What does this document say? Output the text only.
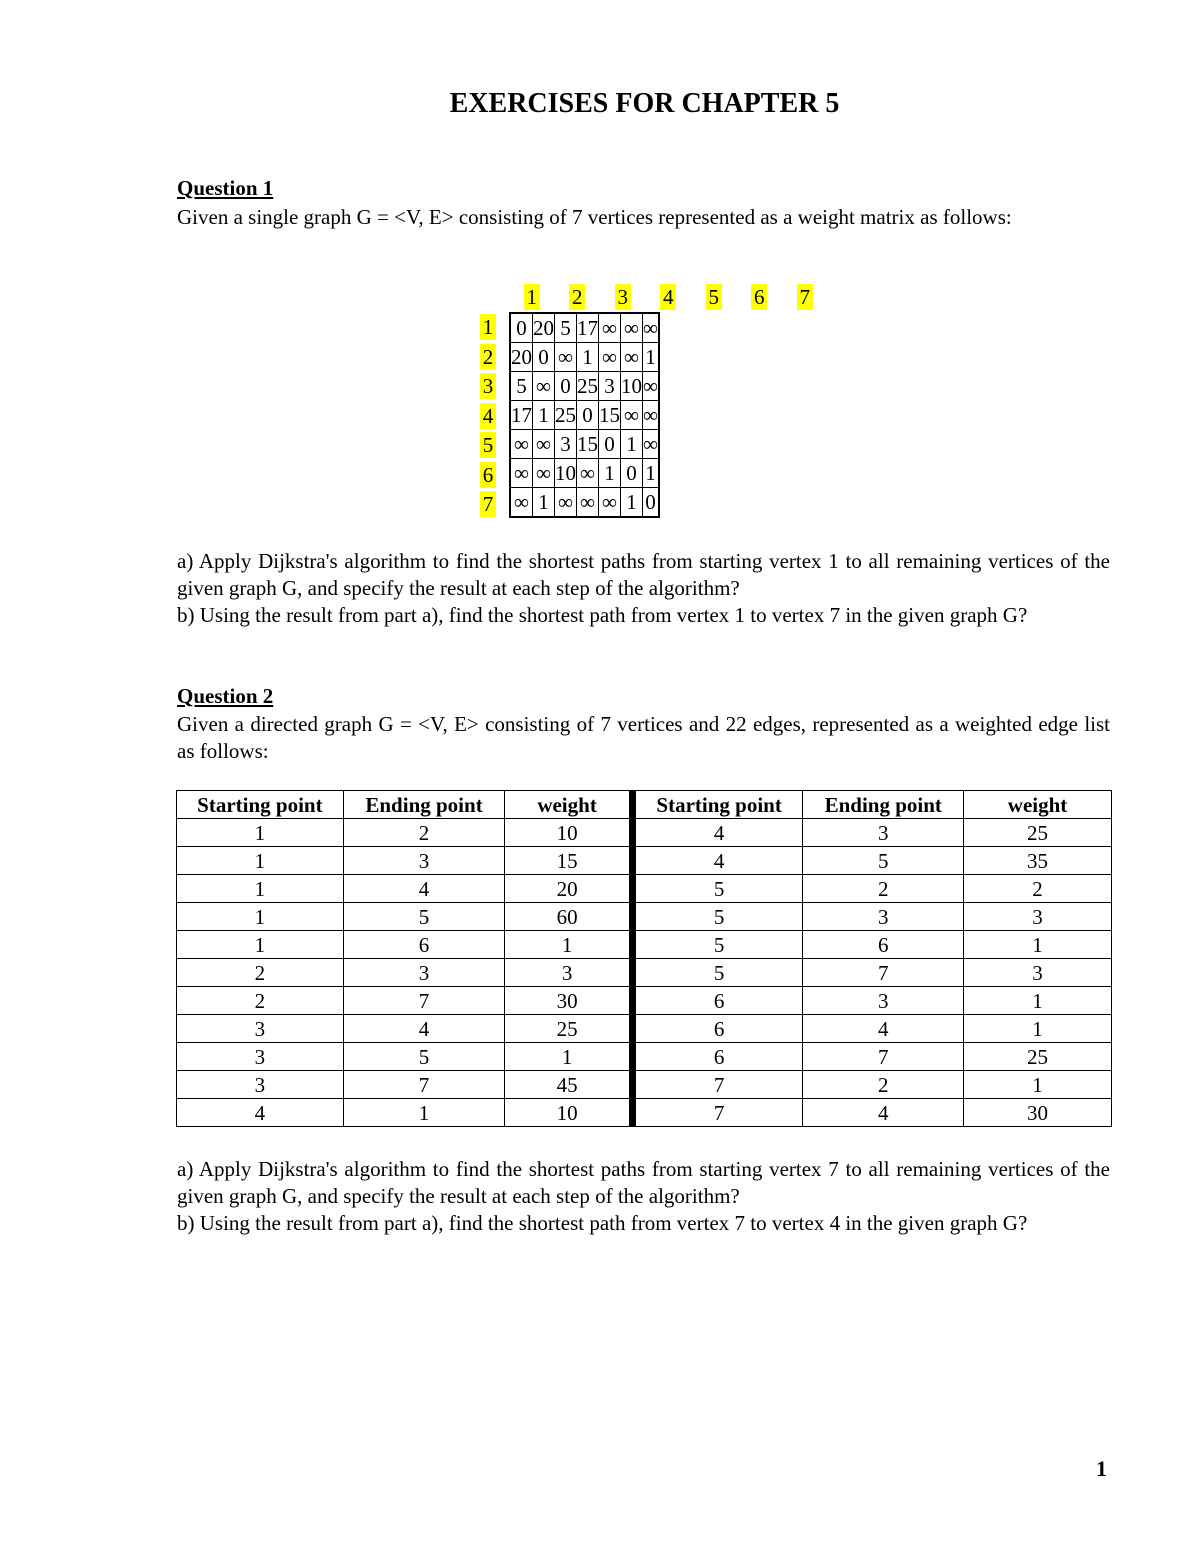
EXERCISES FOR CHAPTER 5

Question 1

Given a single graph G = <V, E> consisting of 7 vertices represented as a weight matrix as follows:

1 2 3 4 5 6 7
1
2
3
4
5
6
7
0	20	5	17	∞	∞	∞
20	0	∞	1	∞	∞	1
5	∞	0	25	3	10	∞
17	1	25	0	15	∞	∞
∞	∞	3	15	0	1	∞
∞	∞	10	∞	1	0	1
∞	1	∞	∞	∞	1	0

a) Apply Dijkstra's algorithm to find the shortest paths from starting vertex 1 to all remaining vertices of the given graph G, and specify the result at each step of the algorithm?

b) Using the result from part a), find the shortest path from vertex 1 to vertex 7 in the given graph G?

Question 2

Given a directed graph G = <V, E> consisting of 7 vertices and 22 edges, represented as a weighted edge list as follows:

Starting point	Ending point	weight	Starting point	Ending point	weight
1	2	10	4	3	25
1	3	15	4	5	35
1	4	20	5	2	2
1	5	60	5	3	3
1	6	1	5	6	1
2	3	3	5	7	3
2	7	30	6	3	1
3	4	25	6	4	1
3	5	1	6	7	25
3	7	45	7	2	1
4	1	10	7	4	30

a) Apply Dijkstra's algorithm to find the shortest paths from starting vertex 7 to all remaining vertices of the given graph G, and specify the result at each step of the algorithm?

b) Using the result from part a), find the shortest path from vertex 7 to vertex 4 in the given graph G?

1
